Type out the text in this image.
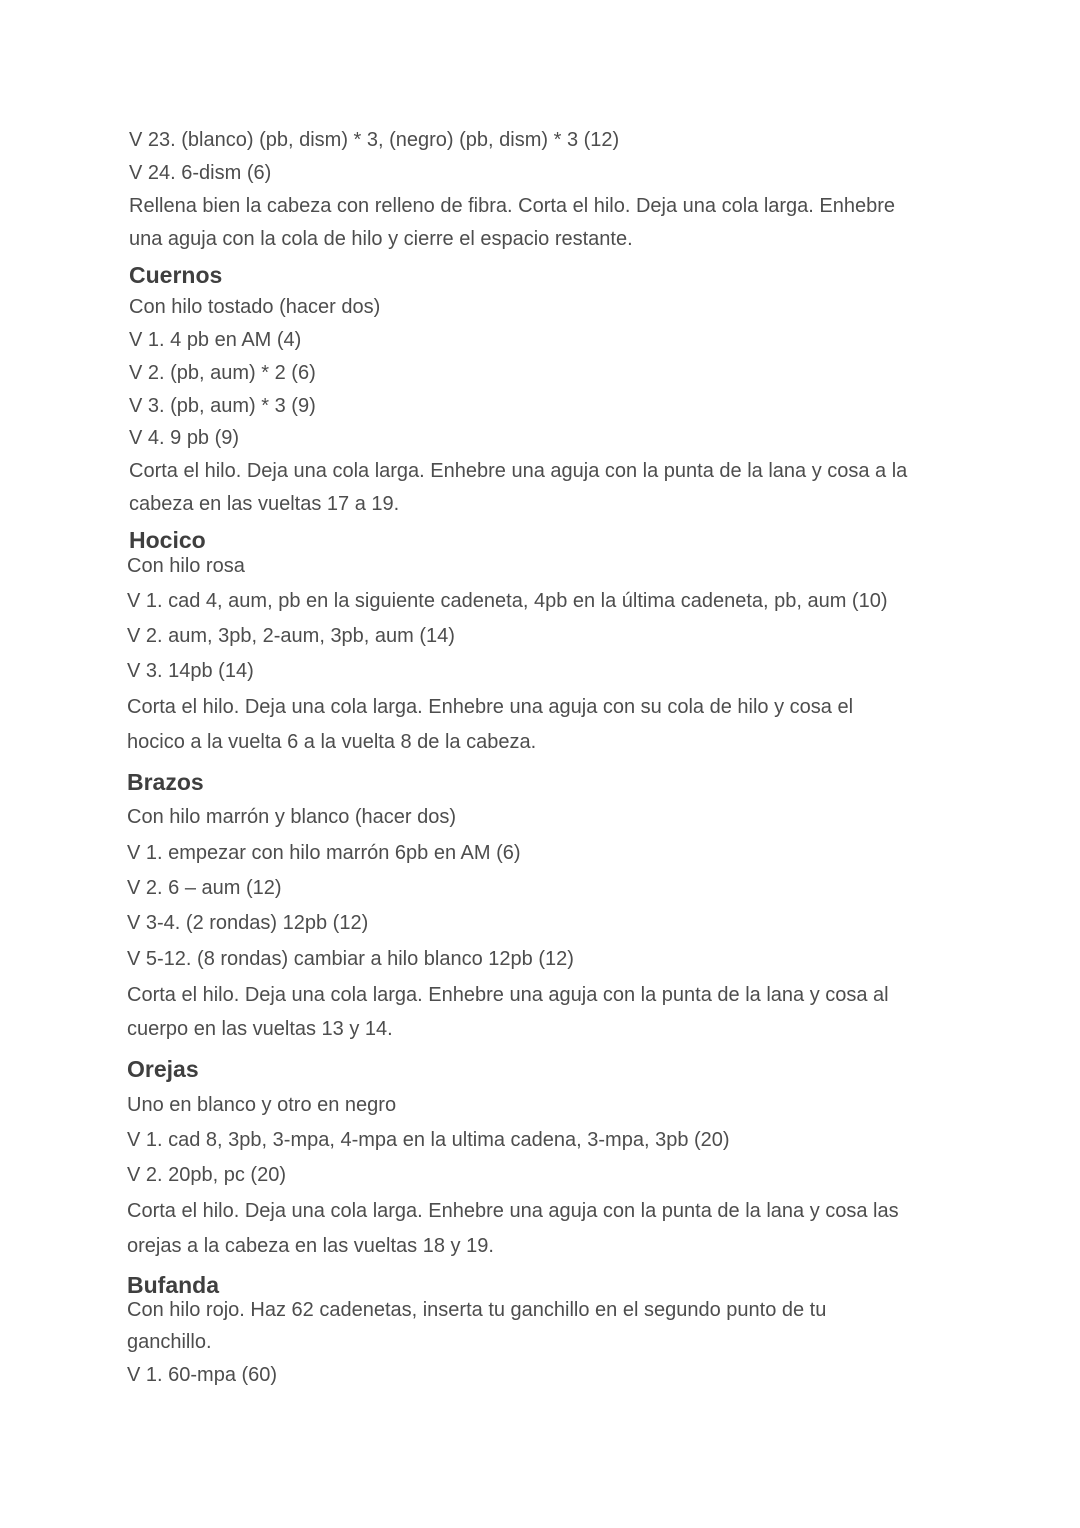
V 23. (blanco) (pb, dism) * 3, (negro) (pb, dism) * 3 (12)
V 24. 6-dism (6)
Rellena bien la cabeza con relleno de fibra. Corta el hilo. Deja una cola larga. Enhebre
una aguja con la cola de hilo y cierre el espacio restante.
Cuernos
Con hilo tostado (hacer dos)
V 1. 4 pb en AM (4)
V 2. (pb, aum) * 2 (6)
V 3. (pb, aum) * 3 (9)
V 4. 9 pb (9)
Corta el hilo. Deja una cola larga. Enhebre una aguja con la punta de la lana y cosa a la
cabeza en las vueltas 17 a 19.
Hocico
Con hilo rosa
V 1. cad 4, aum, pb en la siguiente cadeneta, 4pb en la última cadeneta, pb, aum (10)
V 2. aum, 3pb, 2-aum, 3pb, aum (14)
V 3. 14pb (14)
Corta el hilo. Deja una cola larga. Enhebre una aguja con su cola de hilo y cosa el
hocico a la vuelta 6 a la vuelta 8 de la cabeza.
Brazos
Con hilo marrón y blanco (hacer dos)
V 1. empezar con hilo marrón 6pb en AM (6)
V 2. 6 – aum (12)
V 3-4. (2 rondas) 12pb (12)
V 5-12. (8 rondas) cambiar a hilo blanco 12pb (12)
Corta el hilo. Deja una cola larga. Enhebre una aguja con la punta de la lana y cosa al
cuerpo en las vueltas 13 y 14.
Orejas
Uno en blanco y otro en negro
V 1. cad 8, 3pb, 3-mpa, 4-mpa en la ultima cadena, 3-mpa, 3pb (20)
V 2. 20pb, pc (20)
Corta el hilo. Deja una cola larga. Enhebre una aguja con la punta de la lana y cosa las
orejas a la cabeza en las vueltas 18 y 19.
Bufanda
Con hilo rojo. Haz 62 cadenetas, inserta tu ganchillo en el segundo punto de tu
ganchillo.
V 1. 60-mpa (60)
